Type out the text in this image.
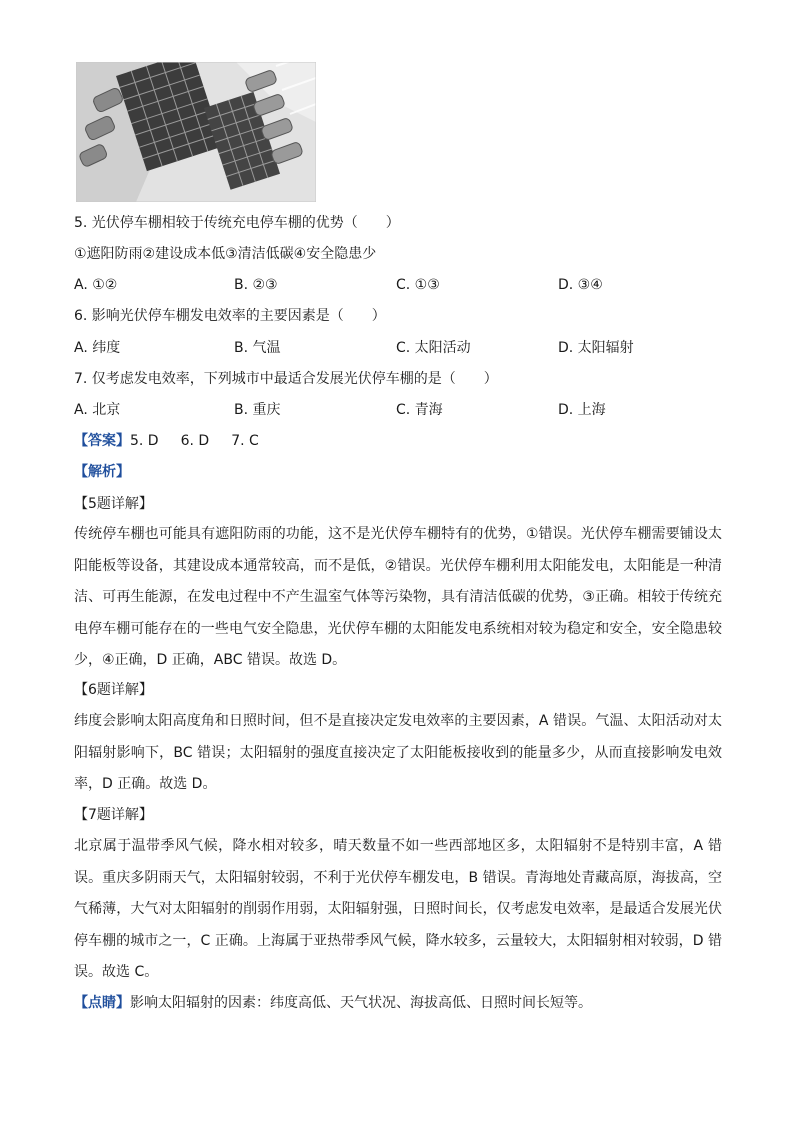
5. 光伏停车棚相较于传统充电停车棚的优势（　　）
①遮阳防雨②建设成本低③清洁低碳④安全隐患少
A. ①②	B. ②③	C. ①③	D. ③④
6. 影响光伏停车棚发电效率的主要因素是（　　）
A. 纬度	B. 气温	C. 太阳活动	D. 太阳辐射
7. 仅考虑发电效率，下列城市中最适合发展光伏停车棚的是（　　）
A. 北京	B. 重庆	C. 青海	D. 上海
【答案】5. D 6. D 7. C
【解析】
【5题详解】
传统停车棚也可能具有遮阳防雨的功能，这不是光伏停车棚特有的优势，①错误。光伏停车棚需要铺设太
阳能板等设备，其建设成本通常较高，而不是低，②错误。光伏停车棚利用太阳能发电，太阳能是一种清
洁、可再生能源，在发电过程中不产生温室气体等污染物，具有清洁低碳的优势，③正确。相较于传统充
电停车棚可能存在的一些电气安全隐患，光伏停车棚的太阳能发电系统相对较为稳定和安全，安全隐患较
少，④正确，D 正确，ABC 错误。故选 D。
【6题详解】
纬度会影响太阳高度角和日照时间，但不是直接决定发电效率的主要因素，A 错误。气温、太阳活动对太
阳辐射影响下，BC 错误；太阳辐射的强度直接决定了太阳能板接收到的能量多少，从而直接影响发电效
率，D 正确。故选 D。
【7题详解】
北京属于温带季风气候，降水相对较多，晴天数量不如一些西部地区多，太阳辐射不是特别丰富，A 错
误。重庆多阴雨天气，太阳辐射较弱，不利于光伏停车棚发电，B 错误。青海地处青藏高原，海拔高，空
气稀薄，大气对太阳辐射的削弱作用弱，太阳辐射强，日照时间长，仅考虑发电效率，是最适合发展光伏
停车棚的城市之一，C 正确。上海属于亚热带季风气候，降水较多，云量较大，太阳辐射相对较弱，D 错
误。故选 C。
【点睛】影响太阳辐射的因素：纬度高低、天气状况、海拔高低、日照时间长短等。
